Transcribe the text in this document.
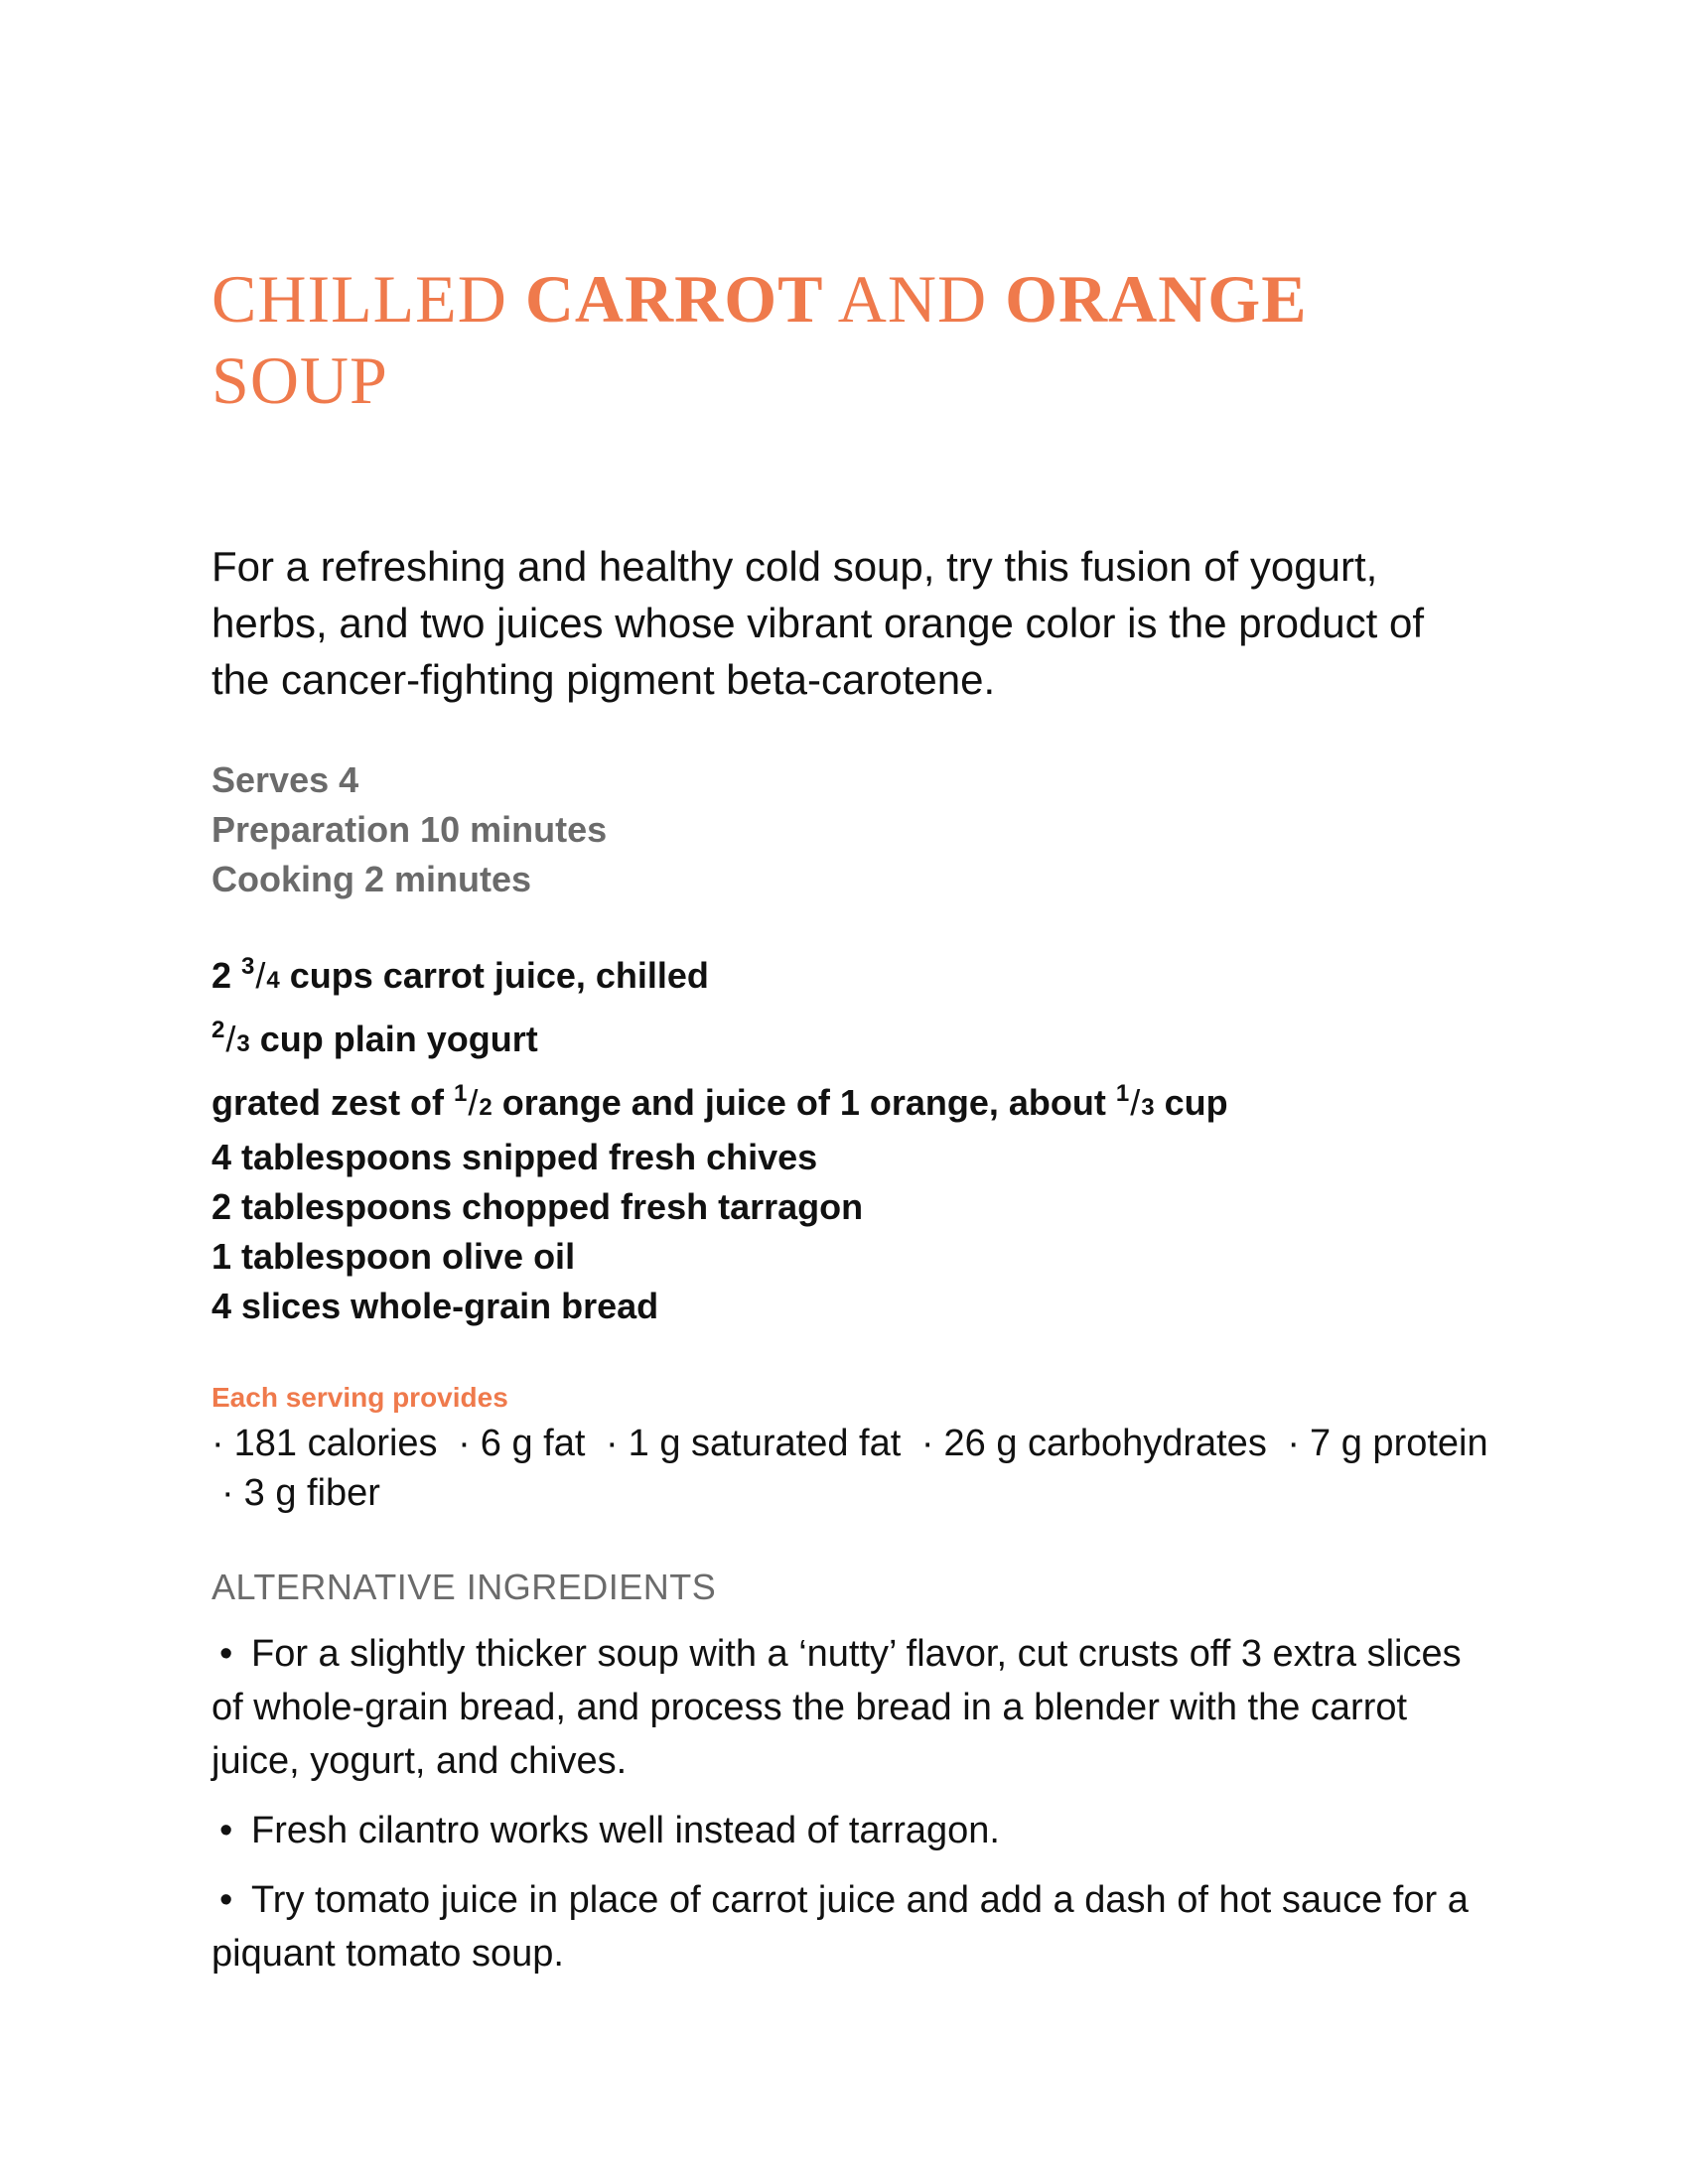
CHILLED CARROT AND ORANGE
SOUP

For a refreshing and healthy cold soup, try this fusion of yogurt, herbs, and two juices whose vibrant orange color is the product of the cancer-fighting pigment beta-carotene.

Serves 4
Preparation 10 minutes
Cooking 2 minutes
2 $^3$/4 cups carrot juice, chilled
$^2$/3 cup plain yogurt
grated zest of $^1$/2 orange and juice of 1 orange, about $^1$/3 cup
4 tablespoons snipped fresh chives
2 tablespoons chopped fresh tarragon
1 tablespoon olive oil
4 slices whole-grain bread
Each serving provides
· 181 calories · 6 g fat · 1 g saturated fat · 26 g carbohydrates · 7 g protein · 3 g fiber
ALTERNATIVE INGREDIENTS
• For a slightly thicker soup with a ‘nutty’ flavor, cut crusts off 3 extra slices of whole-grain bread, and process the bread in a blender with the carrot juice, yogurt, and chives.
• Fresh cilantro works well instead of tarragon.
• Try tomato juice in place of carrot juice and add a dash of hot sauce for a piquant tomato soup.
